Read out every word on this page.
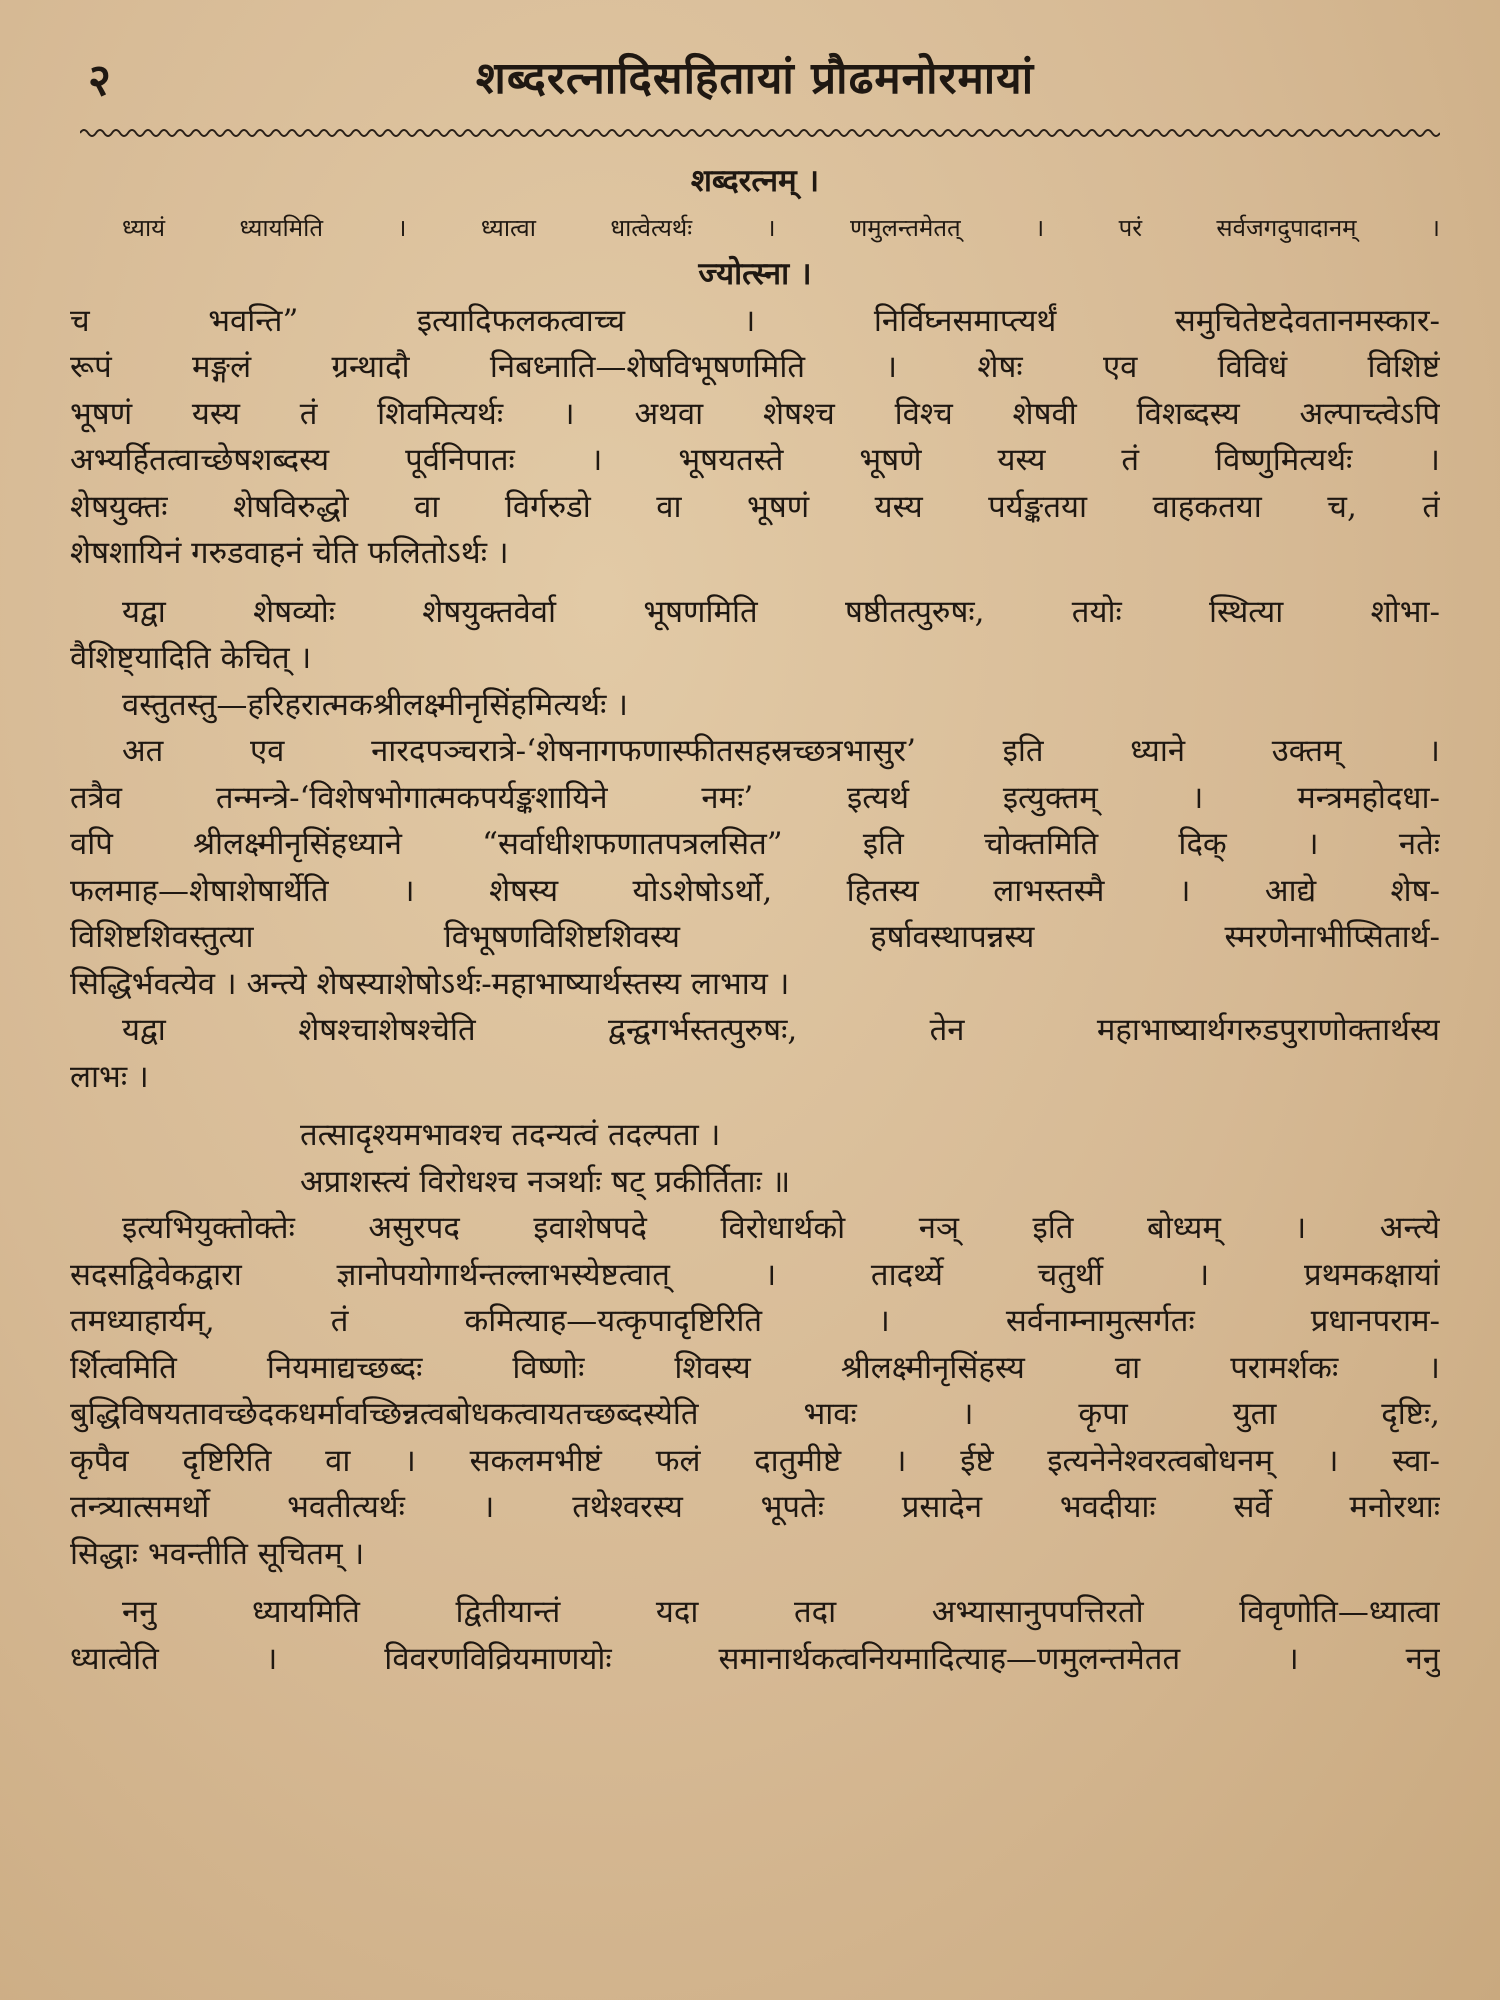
२	शब्दरत्नादिसहितायां प्रौढमनोरमायां
शब्दरत्नम् ।
ध्यायं ध्यायमिति । ध्यात्वा धात्वेत्यर्थः । णमुलन्तमेतत् । परं सर्वजगदुपादानम् ।
ज्योत्स्ना ।
च भवन्ति” इत्यादिफलकत्वाच्च । निर्विघ्नसमाप्त्यर्थं समुचितेष्टदेवतानमस्कार-
रूपं मङ्गलं ग्रन्थादौ निबध्नाति—शेषविभूषणमिति । शेषः एव विविधं विशिष्टं
भूषणं यस्य तं शिवमित्यर्थः । अथवा शेषश्च विश्च शेषवी विशब्दस्य अल्पाच्त्वेऽपि
अभ्यर्हितत्वाच्छेषशब्दस्य पूर्वनिपातः । भूषयतस्ते भूषणे यस्य तं विष्णुमित्यर्थः ।
शेषयुक्तः शेषविरुद्धो वा विर्गरुडो वा भूषणं यस्य पर्यङ्कतया वाहकतया च, तं
शेषशायिनं गरुडवाहनं चेति फलितोऽर्थः ।
यद्वा शेषव्योः शेषयुक्तवेर्वा भूषणमिति षष्ठीतत्पुरुषः, तयोः स्थित्या शोभा-
वैशिष्ट्यादिति केचित् ।
वस्तुतस्तु—हरिहरात्मकश्रीलक्ष्मीनृसिंहमित्यर्थः ।
अत एव नारदपञ्चरात्रे-‘शेषनागफणास्फीतसहस्रच्छत्रभासुर’ इति ध्याने उक्तम् ।
तत्रैव तन्मन्त्रे-‘विशेषभोगात्मकपर्यङ्कशायिने नमः’ इत्यर्थ इत्युक्तम् । मन्त्रमहोदधा-
वपि श्रीलक्ष्मीनृसिंहध्याने “सर्वाधीशफणातपत्रलसित” इति चोक्तमिति दिक् । नतेः
फलमाह—शेषाशेषार्थेति । शेषस्य योऽशेषोऽर्थो, हितस्य लाभस्तस्मै । आद्ये शेष-
विशिष्टशिवस्तुत्या विभूषणविशिष्टशिवस्य हर्षावस्थापन्नस्य स्मरणेनाभीप्सितार्थ-
सिद्धिर्भवत्येव । अन्त्ये शेषस्याशेषोऽर्थः-महाभाष्यार्थस्तस्य लाभाय ।
यद्वा शेषश्चाशेषश्चेति द्वन्द्वगर्भस्तत्पुरुषः, तेन महाभाष्यार्थगरुडपुराणोक्तार्थस्य
लाभः ।
तत्सादृश्यमभावश्च तदन्यत्वं तदल्पता ।
अप्राशस्त्यं विरोधश्च नञर्थाः षट् प्रकीर्तिताः ॥
इत्यभियुक्तोक्तेः असुरपद इवाशेषपदे विरोधार्थको नञ् इति बोध्यम् । अन्त्ये
सदसद्विवेकद्वारा ज्ञानोपयोगार्थन्तल्लाभस्येष्टत्वात् । तादर्थ्ये चतुर्थी । प्रथमकक्षायां
तमध्याहार्यम्, तं कमित्याह—यत्कृपादृष्टिरिति । सर्वनाम्नामुत्सर्गतः प्रधानपराम-
र्शित्वमिति नियमाद्यच्छब्दः विष्णोः शिवस्य श्रीलक्ष्मीनृसिंहस्य वा परामर्शकः ।
बुद्धिविषयतावच्छेदकधर्मावच्छिन्नत्वबोधकत्वायतच्छब्दस्येति भावः । कृपा युता दृष्टिः,
कृपैव दृष्टिरिति वा । सकलमभीष्टं फलं दातुमीष्टे । ईष्टे इत्यनेनेश्वरत्वबोधनम् । स्वा-
तन्त्र्यात्समर्थो भवतीत्यर्थः । तथेश्वरस्य भूपतेः प्रसादेन भवदीयाः सर्वे मनोरथाः
सिद्धाः भवन्तीति सूचितम् ।
ननु ध्यायमिति द्वितीयान्तं यदा तदा अभ्यासानुपपत्तिरतो विवृणोति—ध्यात्वा
ध्यात्वेति । विवरणविव्रियमाणयोः समानार्थकत्वनियमादित्याह—णमुलन्तमेतत । ननु
